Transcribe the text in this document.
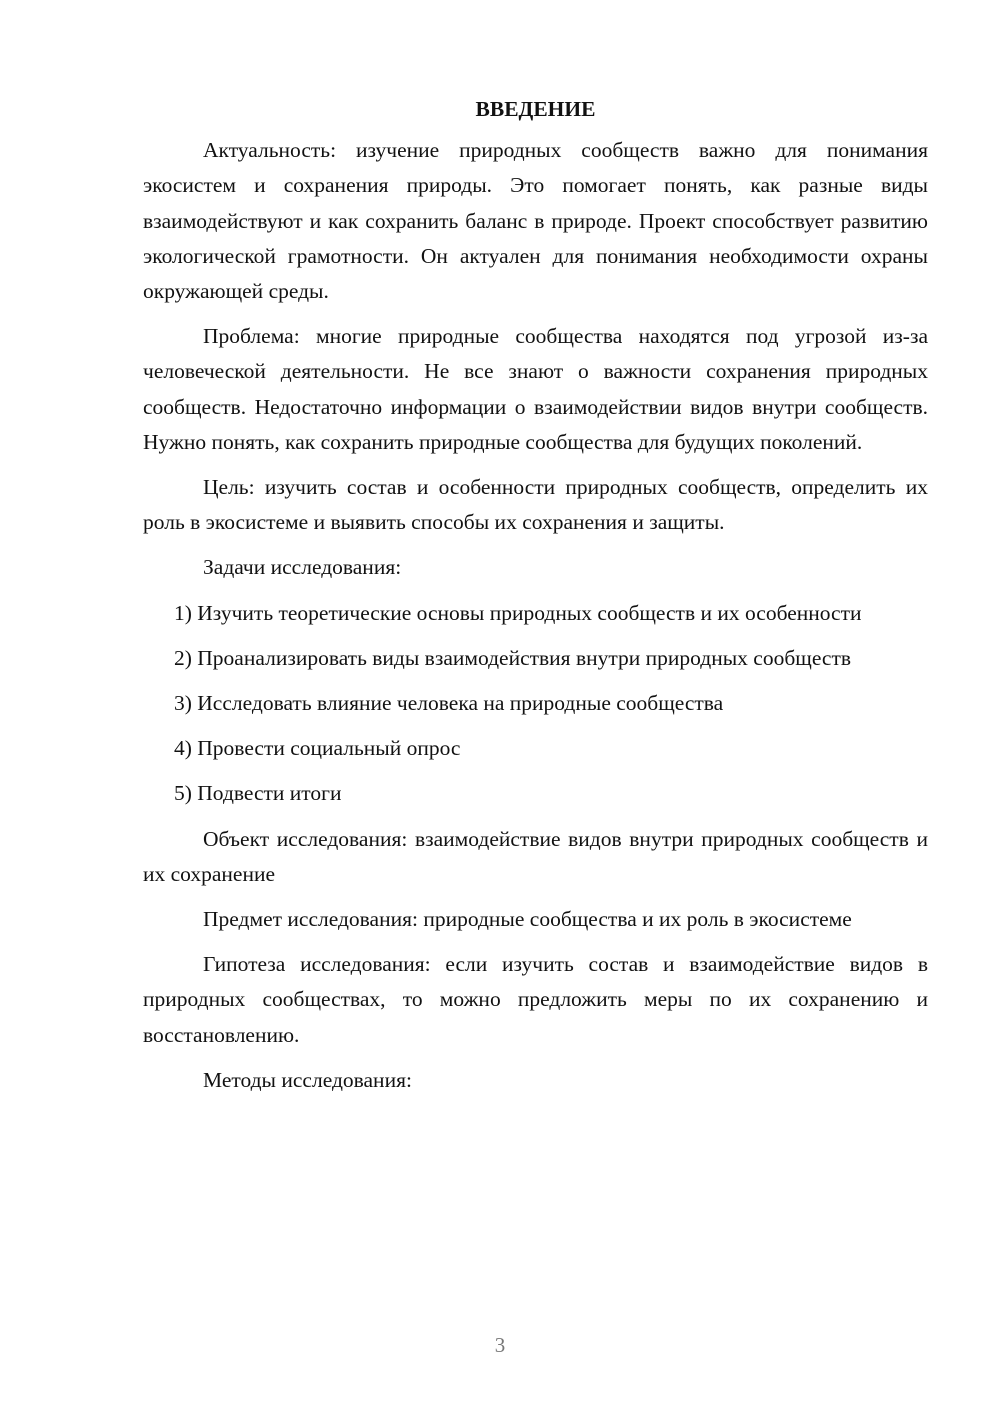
ВВЕДЕНИЕ

Актуальность: изучение природных сообществ важно для понимания экосистем и сохранения природы. Это помогает понять, как разные виды взаимодействуют и как сохранить баланс в природе. Проект способствует развитию экологической грамотности. Он актуален для понимания необходимости охраны окружающей среды.

Проблема: многие природные сообщества находятся под угрозой из-за человеческой деятельности. Не все знают о важности сохранения природных сообществ. Недостаточно информации о взаимодействии видов внутри сообществ. Нужно понять, как сохранить природные сообщества для будущих поколений.

Цель: изучить состав и особенности природных сообществ, определить их роль в экосистеме и выявить способы их сохранения и защиты.

Задачи исследования:

1) Изучить теоретические основы природных сообществ и их особенности

2) Проанализировать виды взаимодействия внутри природных сообществ

3) Исследовать влияние человека на природные сообщества

4) Провести социальный опрос

5) Подвести итоги

Объект исследования: взаимодействие видов внутри природных сообществ и их сохранение

Предмет исследования: природные сообщества и их роль в экосистеме

Гипотеза исследования: если изучить состав и взаимодействие видов в природных сообществах, то можно предложить меры по их сохранению и восстановлению.

Методы исследования:

3
